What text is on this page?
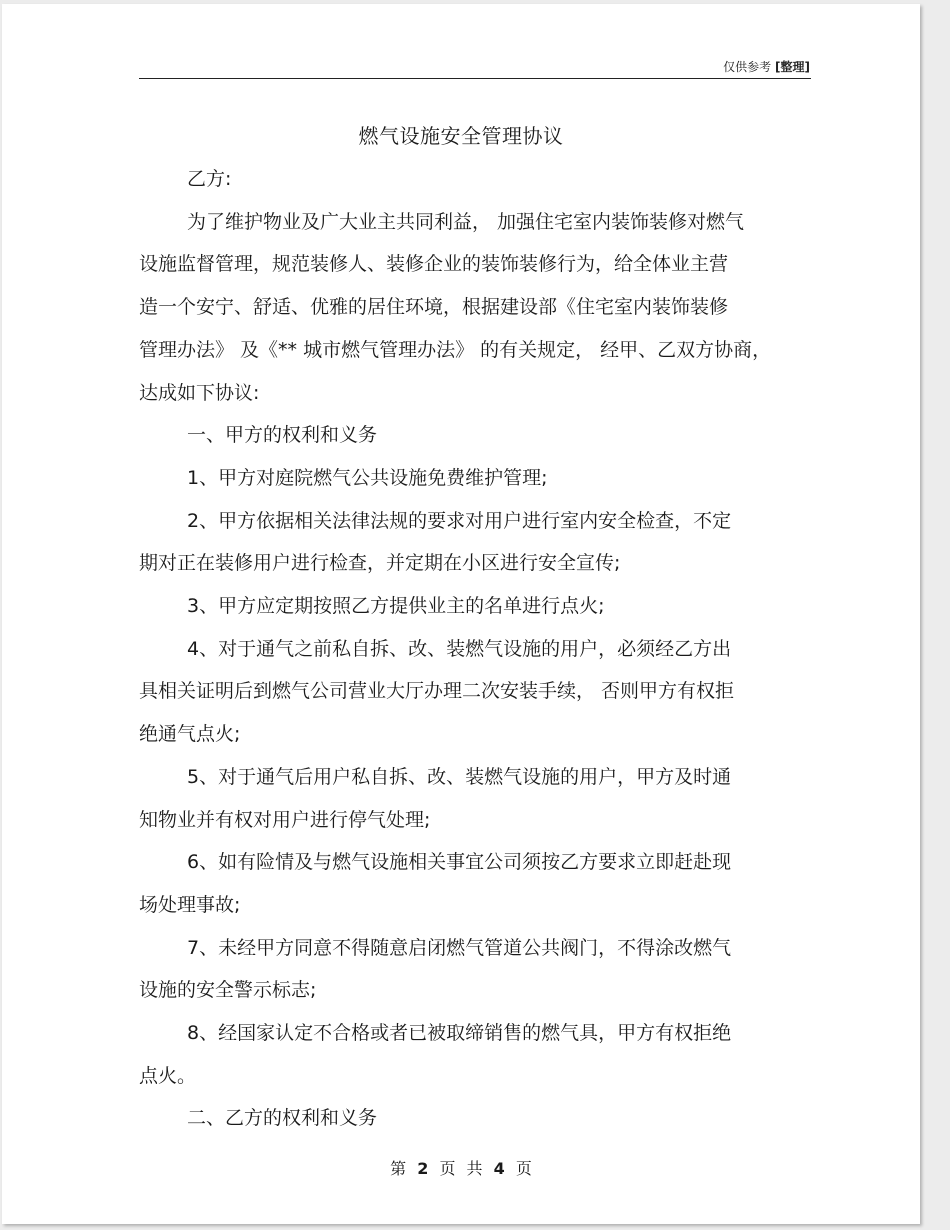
仅供参考 [整理]
燃气设施安全管理协议

乙方:

为了维护物业及广大业主共同利益， 加强住宅室内装饰装修对燃气

设施监督管理，规范装修人、装修企业的装饰装修行为，给全体业主营

造一个安宁、舒适、优雅的居住环境，根据建设部《住宅室内装饰装修

管理办法》 及《** 城市燃气管理办法》 的有关规定， 经甲、乙双方协商，

达成如下协议:

一、甲方的权利和义务

1、甲方对庭院燃气公共设施免费维护管理;

2、甲方依据相关法律法规的要求对用户进行室内安全检查，不定

期对正在装修用户进行检查，并定期在小区进行安全宣传;

3、甲方应定期按照乙方提供业主的名单进行点火;

4、对于通气之前私自拆、改、装燃气设施的用户，必须经乙方出

具相关证明后到燃气公司营业大厅办理二次安装手续， 否则甲方有权拒

绝通气点火;

5、对于通气后用户私自拆、改、装燃气设施的用户，甲方及时通

知物业并有权对用户进行停气处理;

6、如有险情及与燃气设施相关事宜公司须按乙方要求立即赶赴现

场处理事故;

7、未经甲方同意不得随意启闭燃气管道公共阀门，不得涂改燃气

设施的安全警示标志;

8、经国家认定不合格或者已被取缔销售的燃气具，甲方有权拒绝

点火。

二、乙方的权利和义务

第 2 页 共 4 页
